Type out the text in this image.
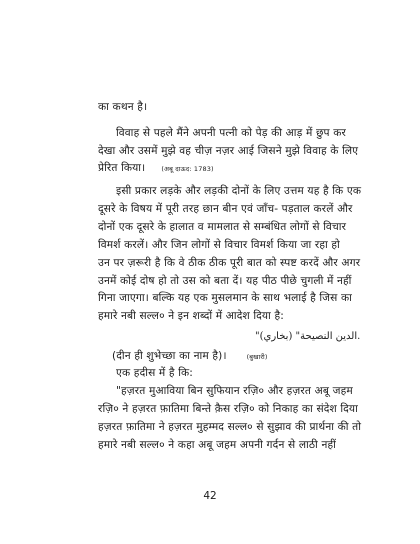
का कथन है।
विवाह से पहले मैंने अपनी पत्नी को पेड़ की आड़ में छुप कर
देखा और उसमें मुझे वह चीज़ नज़र आई जिसने मुझे विवाह के लिए
प्रेरित किया। (अबू दाऊद: 1783)
इसी प्रकार लड़के और लड़की दोनों के लिए उत्तम यह है कि एक
दूसरे के विषय में पूरी तरह छान बीन एवं जाँच- पड़ताल करलें और
दोनों एक दूसरे के हालात व मामलात से सम्बंधित लोगों से विचार
विमर्श करलें। और जिन लोगों से विचार विमर्श किया जा रहा हो
उन पर ज़रूरी है कि वे ठीक ठीक पूरी बात को स्पष्ट करदें और अगर
उनमें कोई दोष हो तो उस को बता दें। यह पीठ पीछे चुगली में नहीं
गिना जाएगा। बल्कि यह एक मुसलमान के साथ भलाई है जिस का
हमारे नबी सल्ल० ने इन शब्दों में आदेश दिया है:
"الدين النصيحة" (بخاري).
(दीन ही शुभेच्छा का नाम है)।	(बुखारी)
एक हदीस में है कि:
"हज़रत मुआविया बिन सुफियान रज़ि० और हज़रत अबू जहम
रज़ि० ने हज़रत फ़ातिमा बिन्ते क़ैस रज़ि० को निकाह का संदेश दिया
हज़रत फ़ातिमा ने हज़रत मुहम्मद सल्ल० से सुझाव की प्रार्थना की तो
हमारे नबी सल्ल० ने कहा अबू जहम अपनी गर्दन से लाठी नहीं
42
